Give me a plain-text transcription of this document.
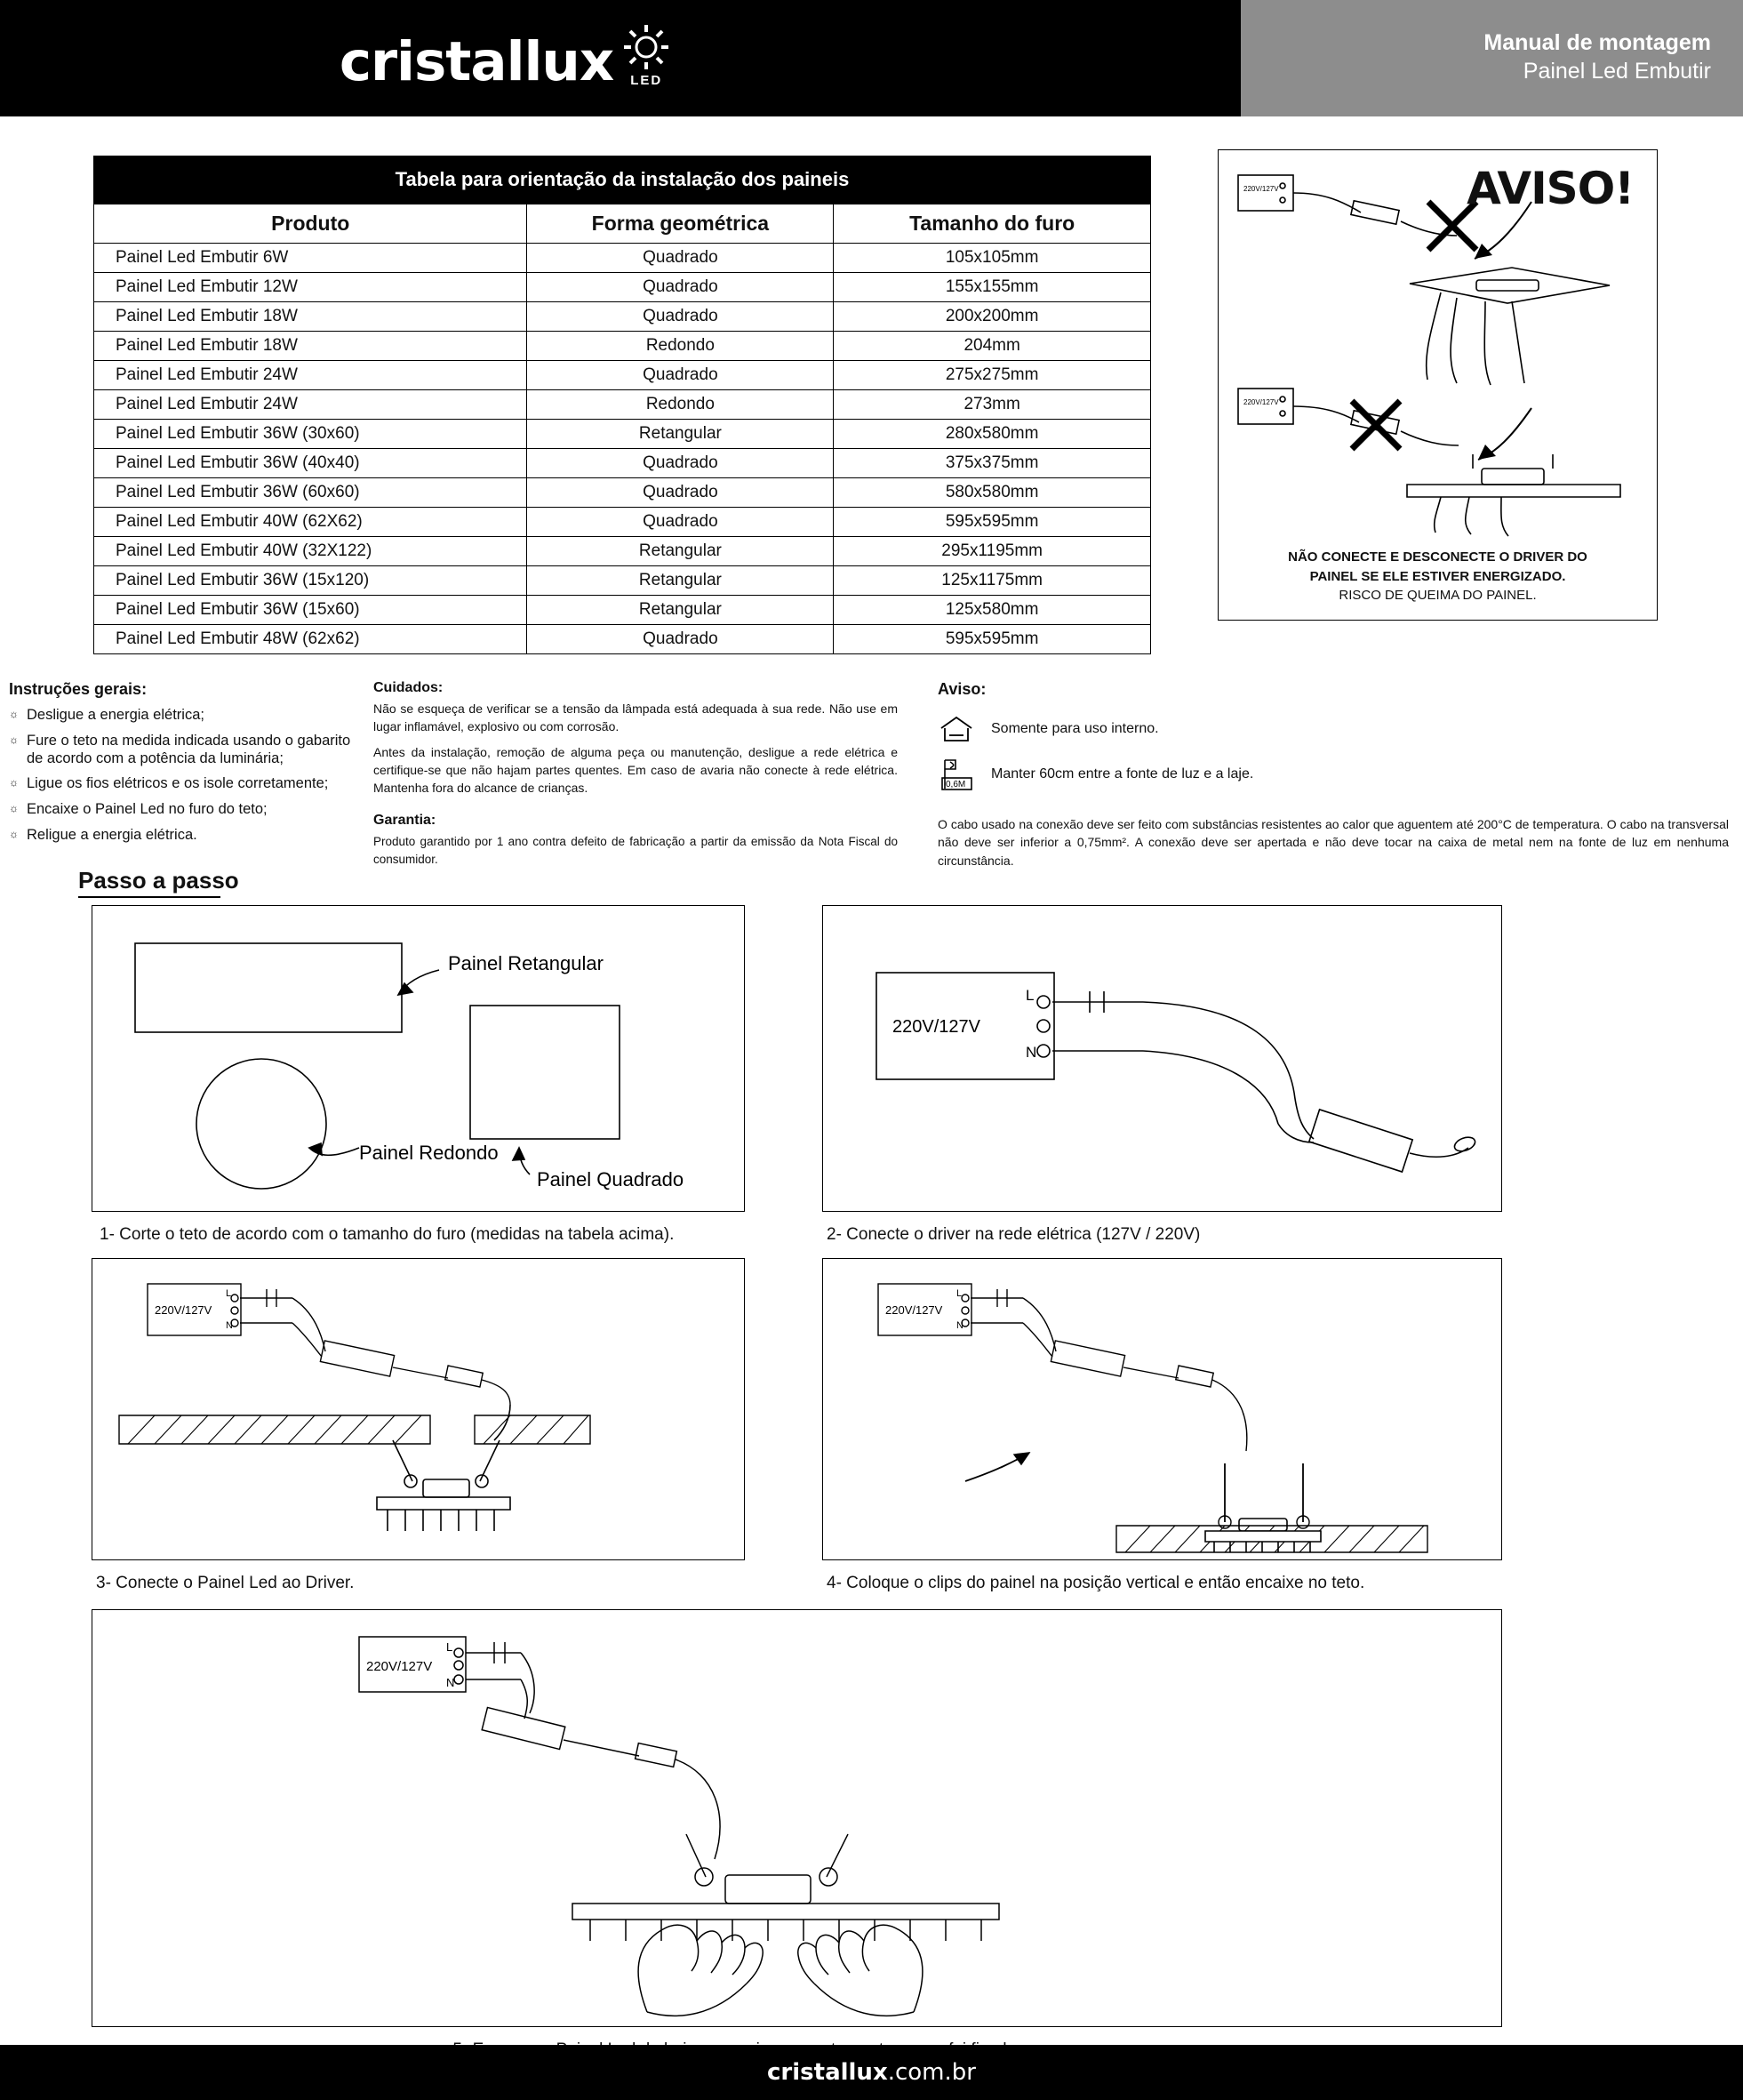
cristallux LED
Manual de montagem
Painel Led Embutir
Tabela para orientação da instalação dos paineis
Produto	Forma geométrica	Tamanho do furo
Painel Led Embutir 6W	Quadrado	105x105mm
Painel Led Embutir 12W	Quadrado	155x155mm
Painel Led Embutir 18W	Quadrado	200x200mm
Painel Led Embutir 18W	Redondo	204mm
Painel Led Embutir 24W	Quadrado	275x275mm
Painel Led Embutir 24W	Redondo	273mm
Painel Led Embutir 36W (30x60)	Retangular	280x580mm
Painel Led Embutir 36W (40x40)	Quadrado	375x375mm
Painel Led Embutir 36W (60x60)	Quadrado	580x580mm
Painel Led Embutir 40W (62X62)	Quadrado	595x595mm
Painel Led Embutir 40W (32X122)	Retangular	295x1195mm
Painel Led Embutir 36W (15x120)	Retangular	125x1175mm
Painel Led Embutir 36W (15x60)	Retangular	125x580mm
Painel Led Embutir 48W (62x62)	Quadrado	595x595mm
AVISO!
220V/127V
220V/127V
NÃO CONECTE E DESCONECTE O DRIVER DO
PAINEL SE ELE ESTIVER ENERGIZADO.
RISCO DE QUEIMA DO PAINEL.
Instruções gerais:
☼ Desligue a energia elétrica;
☼ Fure o teto na medida indicada usando o gabarito de acordo com a potência da luminária;
☼ Ligue os fios elétricos e os isole corretamente;
☼ Encaixe o Painel Led no furo do teto;
☼ Religue a energia elétrica.
Cuidados:

Não se esqueça de verificar se a tensão da lâmpada está adequada à sua rede. Não use em lugar inflamável, explosivo ou com corrosão.

Antes da instalação, remoção de alguma peça ou manutenção, desligue a rede elétrica e certifique-se que não hajam partes quentes. Em caso de avaria não conecte à rede elétrica. Mantenha fora do alcance de crianças.

Garantia:

Produto garantido por 1 ano contra defeito de fabricação a partir da emissão da Nota Fiscal do consumidor.

Aviso:
Somente para uso interno.
0,6M
Manter 60cm entre a fonte de luz e a laje.
O cabo usado na conexão deve ser feito com substâncias resistentes ao calor que aguentem até 200°C de temperatura. O cabo na transversal não deve ser inferior a 0,75mm². A conexão deve ser apertada e não deve tocar na caixa de metal nem na fonte de luz em nenhuma circunstância.
Passo a passo
Painel Retangular
Painel Redondo
Painel Quadrado
1- Corte o teto de acordo com o tamanho do furo (medidas na tabela acima).
220V/127V
L
N
2- Conecte o driver na rede elétrica (127V / 220V)
220V/127V
L
N
3- Conecte o Painel Led ao Driver.
220V/127V
L
N
4- Coloque o clips do painel na posição vertical e então encaixe no teto.
220V/127V
L
N
cristallux.com.br
